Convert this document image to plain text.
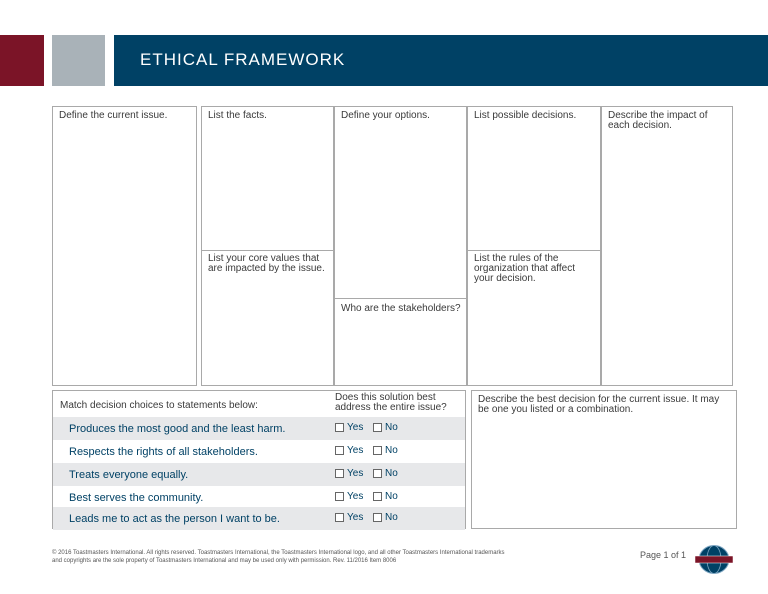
ETHICAL FRAMEWORK
Define the current issue.	List the facts.
List your core values that are impacted by the issue.
Define your options.
Who are the stakeholders?
List possible decisions.
List the rules of the organization that affect your decision.
Describe the impact of each decision.
Match decision choices to statements below:
Does this solution best address the entire issue?
Produces the most good and the least harm.	Yes No
Respects the rights of all stakeholders.	Yes No
Treats everyone equally.	Yes No
Best serves the community.	Yes No
Leads me to act as the person I want to be.	Yes No
Describe the best decision for the current issue. It may be one you listed or a combination.
© 2016 Toastmasters International. All rights reserved. Toastmasters International, the Toastmasters International logo, and all other Toastmasters International trademarks
and copyrights are the sole property of Toastmasters International and may be used only with permission. Rev. 11/2016 Item 8006
Page 1 of 1
